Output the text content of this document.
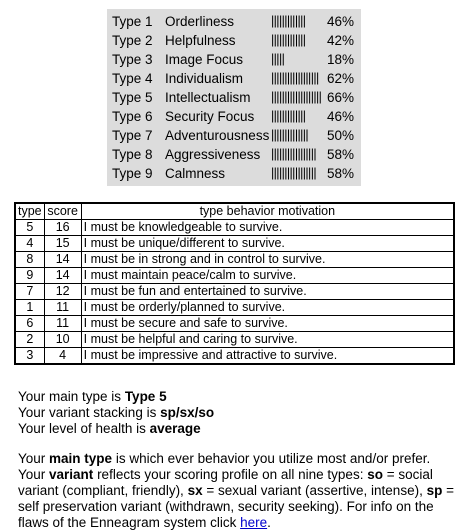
Type 1 Orderliness	||||||||||||| 46%
Type 2 Helpfulness	||||||||||||| 42%
Type 3 Image Focus |||||	18%
Type 4 Individualism |||||||||||||||||| 62%
Type 5 Intellectualism ||||||||||||||||||| 66%
Type 6 Security Focus ||||||||||||| 46%
Type 7 Adventurousness |||||||||||||| 50%
Type 8 Aggressiveness ||||||||||||||||| 58%
Type 9 Calmness	||||||||||||||||| 58%
type	score	type behavior motivation
5	16	I must be knowledgeable to survive.
4	15	I must be unique/different to survive.
8	14	I must be in strong and in control to survive.
9	14	I must maintain peace/calm to survive.
7	12	I must be fun and entertained to survive.
1	11	I must be orderly/planned to survive.
6	11	I must be secure and safe to survive.
2	10	I must be helpful and caring to survive.
3	4	I must be impressive and attractive to survive.

Your main type is Type 5

Your variant stacking is sp/sx/so

Your level of health is average

Your main type is which ever behavior you utilize most and/or prefer. Your variant reflects your scoring profile on all nine types: so = social variant (compliant, friendly), sx = sexual variant (assertive, intense), sp = self preservation variant (withdrawn, security seeking). For info on the flaws of the Enneagram system click here.
